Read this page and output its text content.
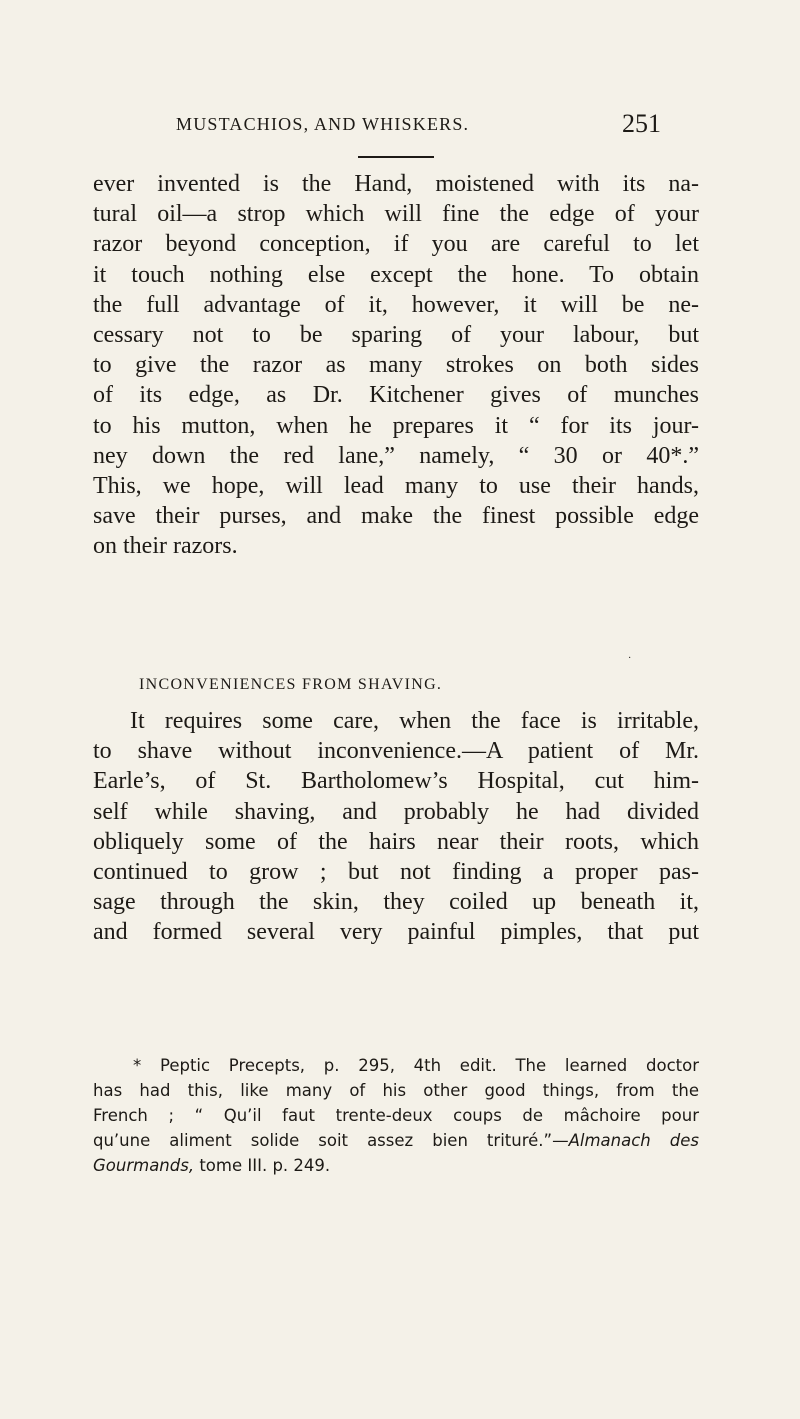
MUSTACHIOS, AND WHISKERS.	251
ever invented is the Hand, moistened with its na-
tural oil—a strop which will fine the edge of your
razor beyond conception, if you are careful to let
it touch nothing else except the hone. To obtain
the full advantage of it, however, it will be ne-
cessary not to be sparing of your labour, but
to give the razor as many strokes on both sides
of its edge, as Dr. Kitchener gives of munches
to his mutton, when he prepares it “ for its jour-
ney down the red lane,” namely, “ 30 or 40*.”
This, we hope, will lead many to use their hands,
save their purses, and make the finest possible edge
on their razors.
·
INCONVENIENCES FROM SHAVING.
It requires some care, when the face is irritable,
to shave without inconvenience.—A patient of Mr.
Earle’s, of St. Bartholomew’s Hospital, cut him-
self while shaving, and probably he had divided
obliquely some of the hairs near their roots, which
continued to grow ; but not finding a proper pas-
sage through the skin, they coiled up beneath it,
and formed several very painful pimples, that put
* Peptic Precepts, p. 295, 4th edit. The learned doctor
has had this, like many of his other good things, from the
French ; “ Qu’il faut trente-deux coups de mâchoire pour
qu’une aliment solide soit assez bien trituré.”—Almanach des
Gourmands, tome III. p. 249.
